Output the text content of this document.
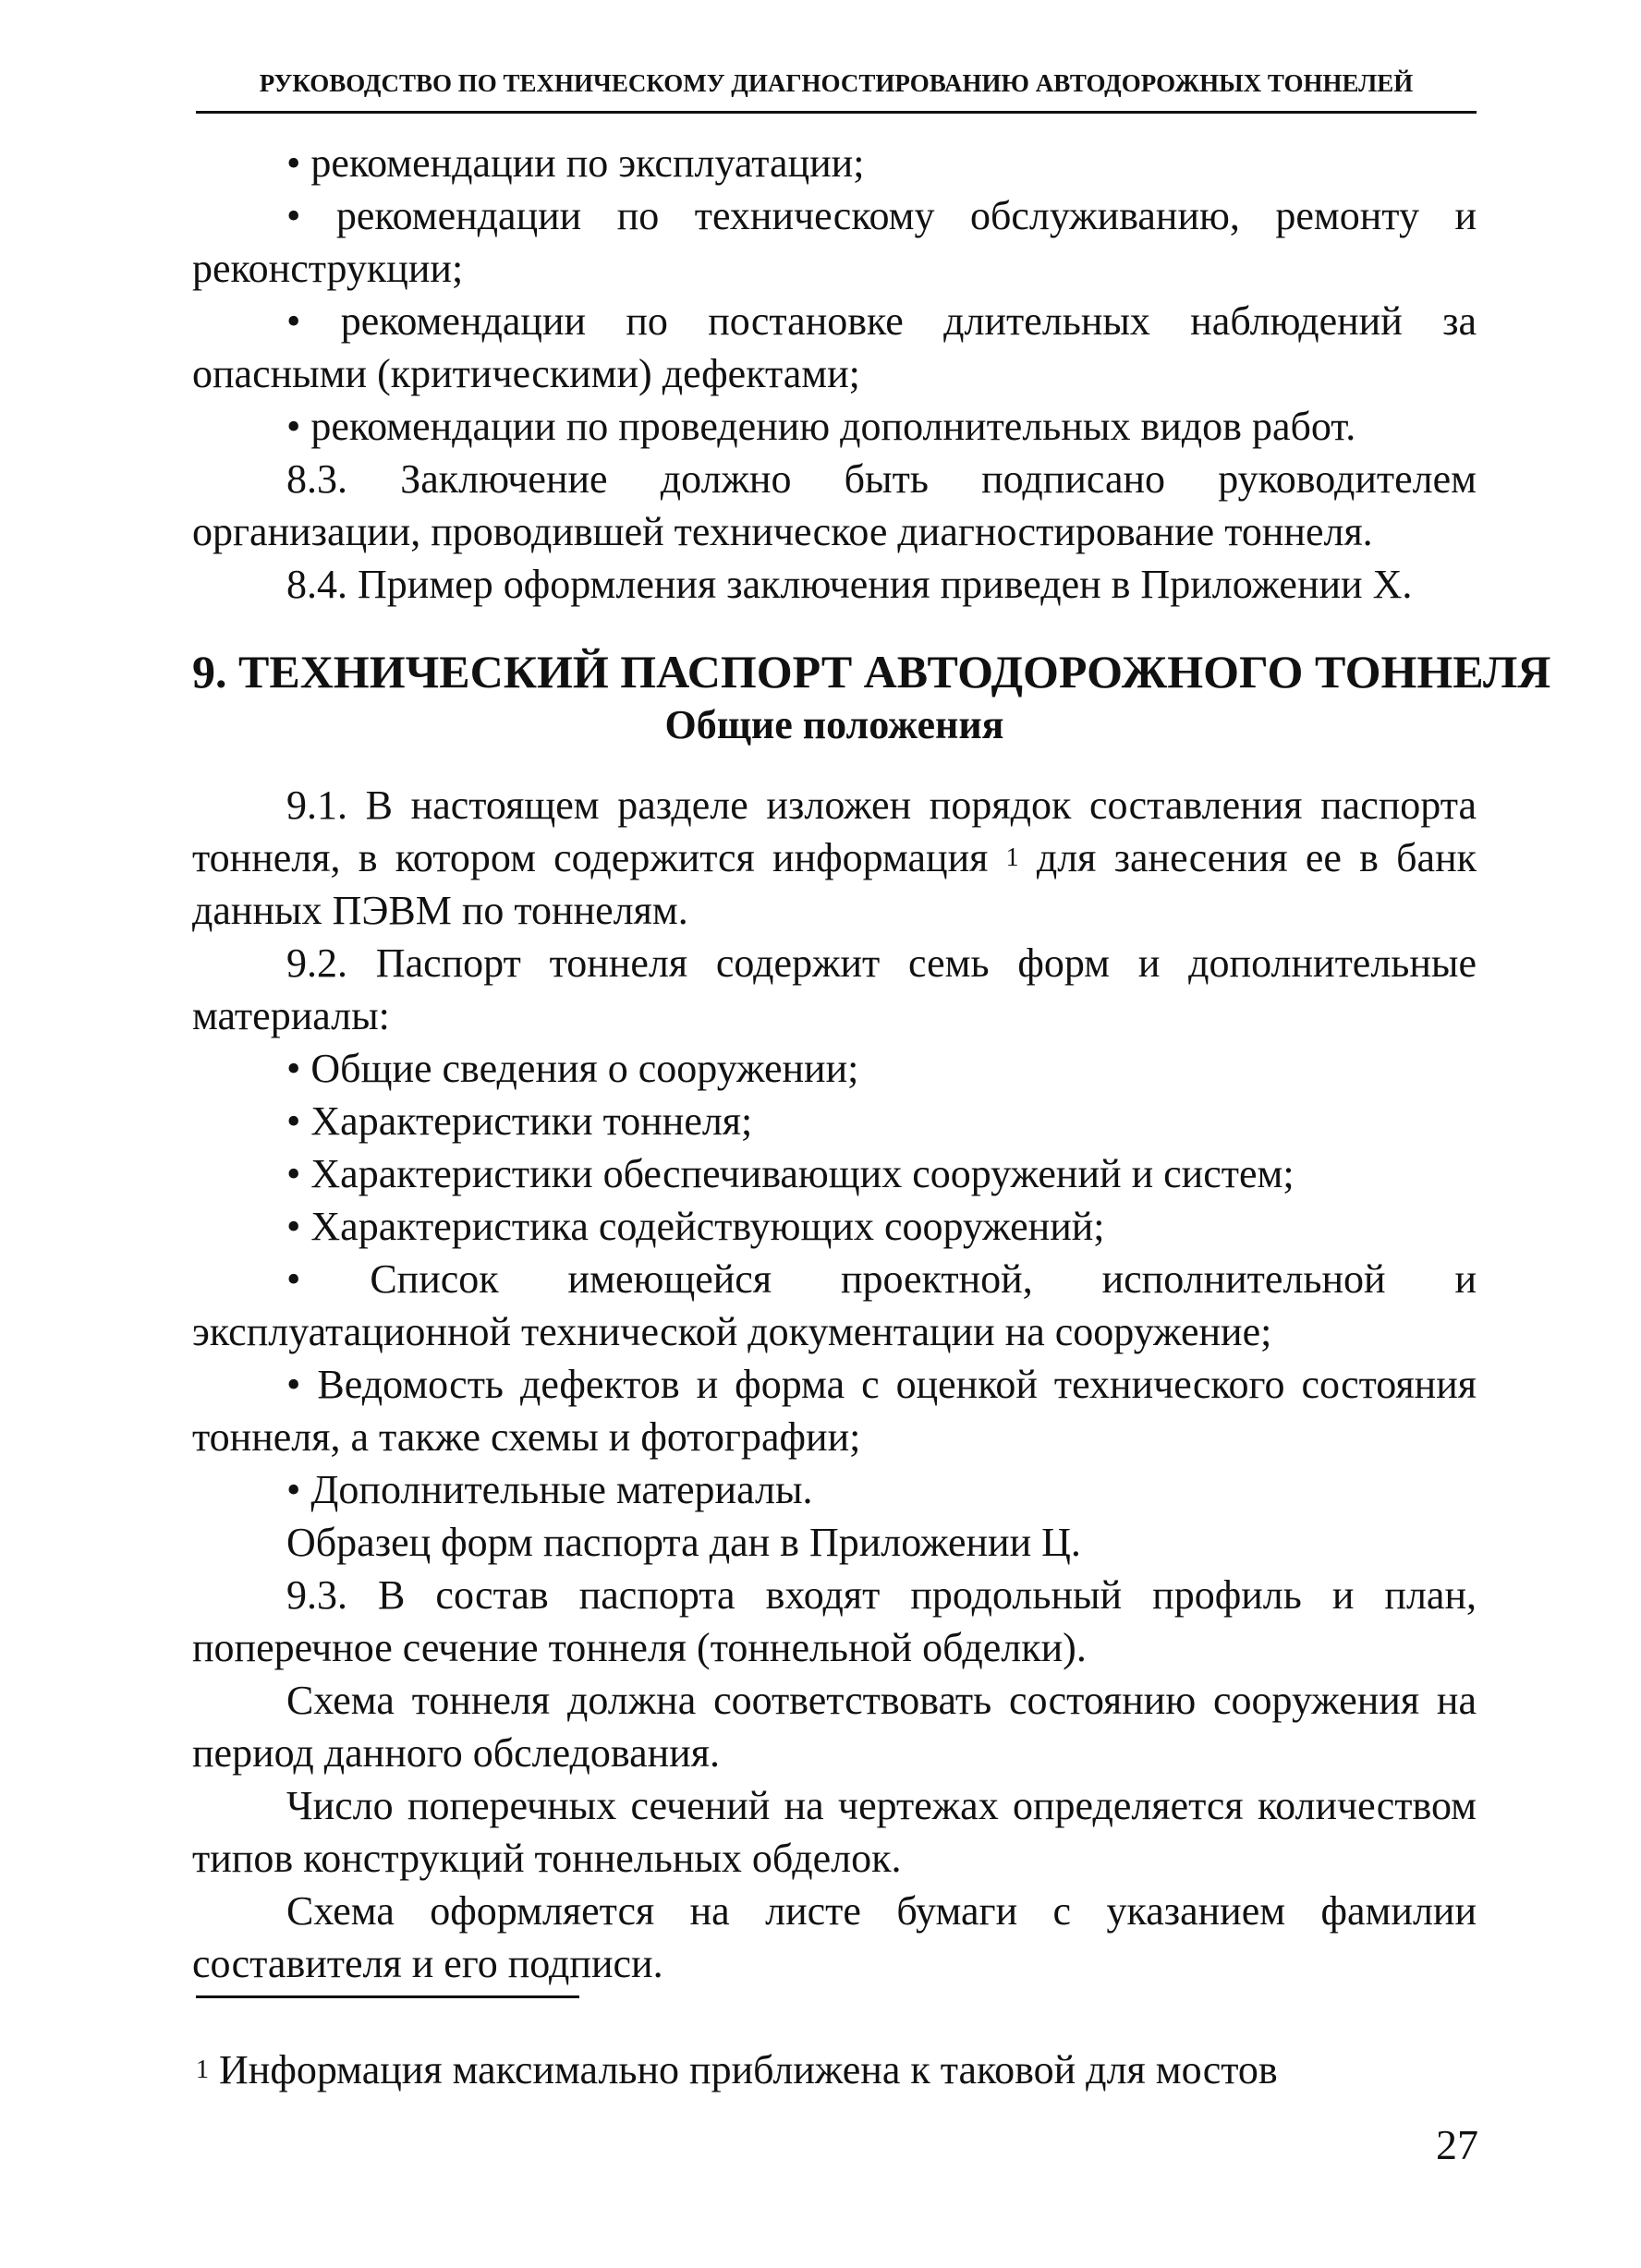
РУКОВОДСТВО ПО ТЕХНИЧЕСКОМУ ДИАГНОСТИРОВАНИЮ АВТОДОРОЖНЫХ ТОННЕЛЕЙ

• рекомендации по эксплуатации;

• рекомендации по техническому обслуживанию, ремонту и реконструкции;

• рекомендации по постановке длительных наблюдений за опасными (критическими) дефектами;

• рекомендации по проведению дополнительных видов работ.

8.3. Заключение должно быть подписано руководителем организации, проводившей техническое диагностирование тоннеля.

8.4. Пример оформления заключения приведен в Приложении Х.

9. ТЕХНИЧЕСКИЙ ПАСПОРТ АВТОДОРОЖНОГО ТОННЕЛЯ
Общие положения

9.1. В настоящем разделе изложен порядок составления паспорта тоннеля, в котором содержится информация $^1$ для занесения ее в банк данных ПЭВМ по тоннелям.

9.2. Паспорт тоннеля содержит семь форм и дополнительные материалы:

• Общие сведения о сооружении;

• Характеристики тоннеля;

• Характеристики обеспечивающих сооружений и систем;

• Характеристика содействующих сооружений;

• Список имеющейся проектной, исполнительной и эксплуатационной технической документации на сооружение;

• Ведомость дефектов и форма с оценкой технического состояния тоннеля, а также схемы и фотографии;

• Дополнительные материалы.

Образец форм паспорта дан в Приложении Ц.

9.3. В состав паспорта входят продольный профиль и план, поперечное сечение тоннеля (тоннельной обделки).

Схема тоннеля должна соответствовать состоянию сооружения на период данного обследования.

Число поперечных сечений на чертежах определяется количеством типов конструкций тоннельных обделок.

Схема оформляется на листе бумаги с указанием фамилии составителя и его подписи.

$^1$ Информация максимально приближена к таковой для мостов
27
